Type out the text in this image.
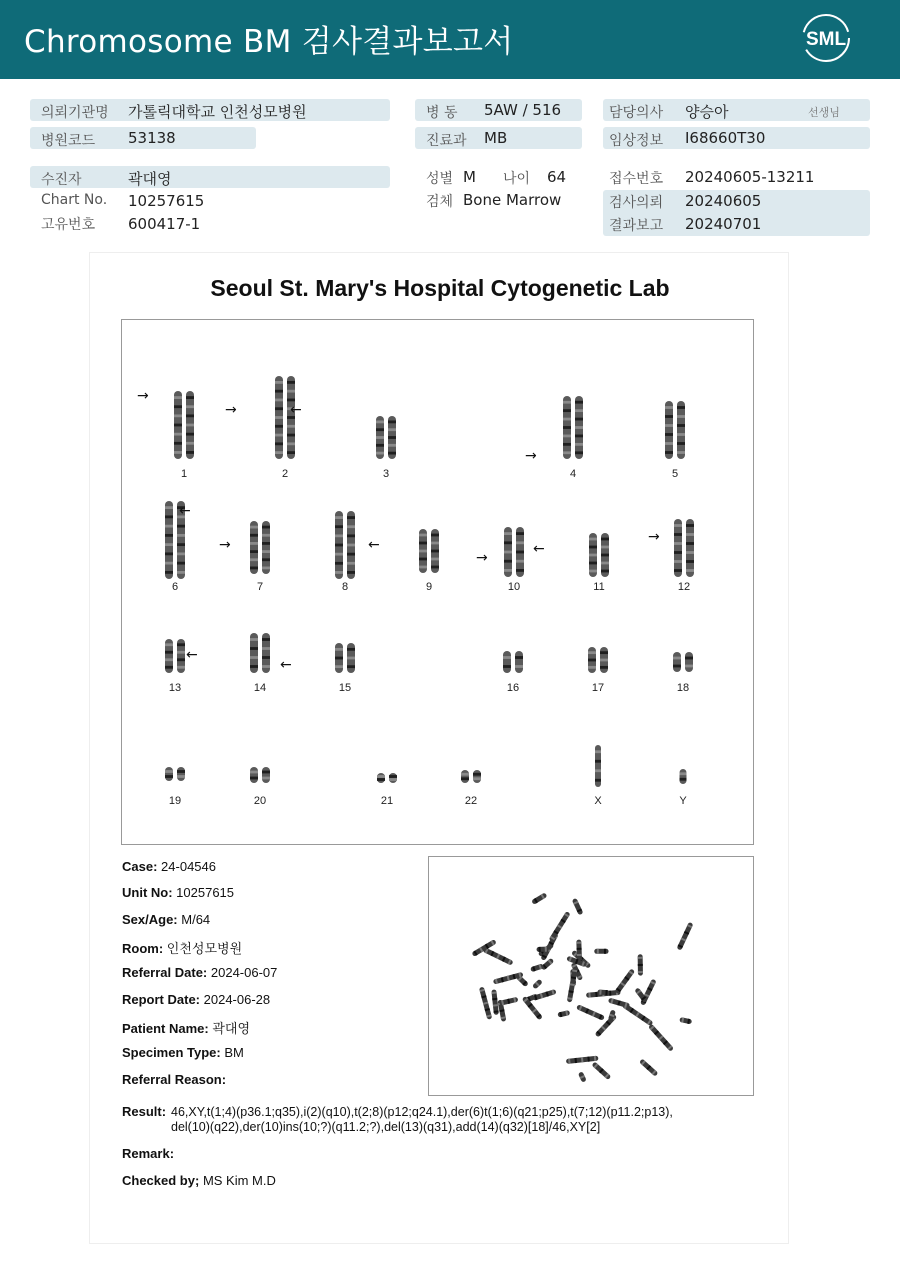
Chromosome BM 검사결과보고서	SML
의뢰기관명 가톨릭대학교 인천성모병원
병원코드 53138
병 동 5AW / 516
진료과 MB
담당의사 양승아	선생님
임상정보 I68660T30
수진자	곽대영
Chart No. 10257615
고유번호 600417-1
성별 M 나이 64
검체 Bone Marrow
접수번호 20240605-13211
검사의뢰 20240605
결과보고 20240701
Seoul St. Mary's Hospital Cytogenetic Lab
1	2	3	4	5
6	7	8	9	10	11	12
13	14	15	16	17	18
19	20	21	22	X	Y
→
→	←
→
←
→	←
→
←
→
←
←
Case: 24-04546
Unit No: 10257615
Sex/Age: M/64
Room: 인천성모병원
Referral Date: 2024-06-07
Report Date: 2024-06-28
Patient Name: 곽대영
Specimen Type: BM
Referral Reason:
Result: 46,XY,t(1;4)(p36.1;q35),i(2)(q10),t(2;8)(p12;q24.1),der(6)t(1;6)(q21;p25),t(7;12)(p11.2;p13),
del(10)(q22),der(10)ins(10;?)(q11.2;?),del(13)(q31),add(14)(q32)[18]/46,XY[2]
Remark:
Checked by; MS Kim M.D
